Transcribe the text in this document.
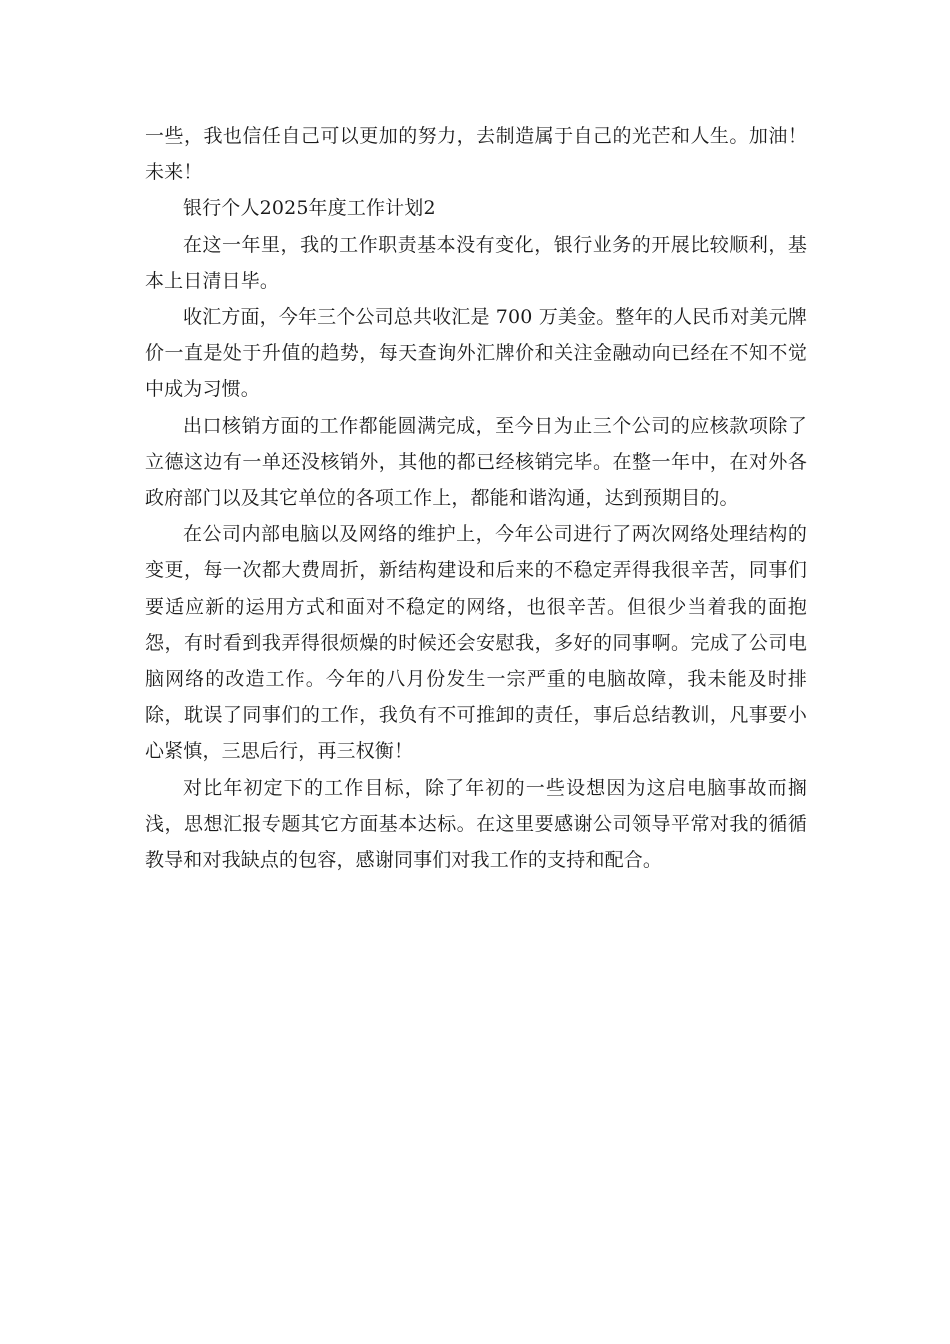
一些，我也信任自己可以更加的努力，去制造属于自己的光芒和人生。加油！未来！

银行个人2025年度工作计划2

在这一年里，我的工作职责基本没有变化，银行业务的开展比较顺利，基本上日清日毕。

收汇方面，今年三个公司总共收汇是 700 万美金。整年的人民币对美元牌价一直是处于升值的趋势，每天查询外汇牌价和关注金融动向已经在不知不觉中成为习惯。

出口核销方面的工作都能圆满完成，至今日为止三个公司的应核款项除了立德这边有一单还没核销外，其他的都已经核销完毕。在整一年中，在对外各政府部门以及其它单位的各项工作上，都能和谐沟通，达到预期目的。

在公司内部电脑以及网络的维护上，今年公司进行了两次网络处理结构的变更，每一次都大费周折，新结构建设和后来的不稳定弄得我很辛苦，同事们要适应新的运用方式和面对不稳定的网络，也很辛苦。但很少当着我的面抱怨，有时看到我弄得很烦燥的时候还会安慰我，多好的同事啊。完成了公司电脑网络的改造工作。今年的八月份发生一宗严重的电脑故障，我未能及时排除，耽误了同事们的工作，我负有不可推卸的责任，事后总结教训，凡事要小心紧慎，三思后行，再三权衡！

对比年初定下的工作目标，除了年初的一些设想因为这启电脑事故而搁浅，思想汇报专题其它方面基本达标。在这里要感谢公司领导平常对我的循循教导和对我缺点的包容，感谢同事们对我工作的支持和配合。
